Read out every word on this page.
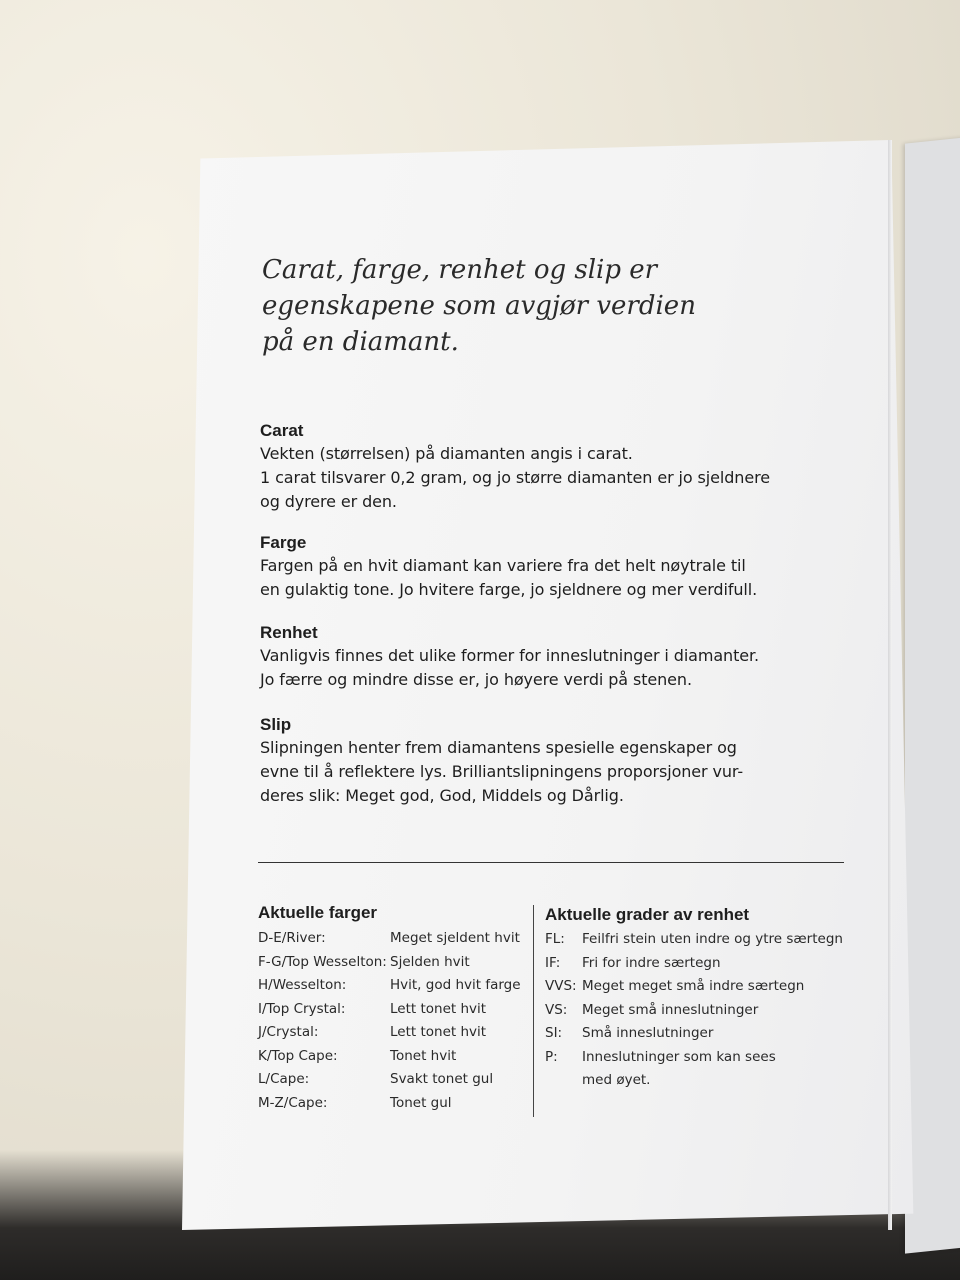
Carat, farge, renhet og slip er egenskapene som avgjør verdien på en diamant.
Carat

Vekten (størrelsen) på diamanten angis i carat.

1 carat tilsvarer 0,2 gram, og jo større diamanten er jo sjeldnere

og dyrere er den.

Farge

Fargen på en hvit diamant kan variere fra det helt nøytrale til

en gulaktig tone. Jo hvitere farge, jo sjeldnere og mer verdifull.

Renhet

Vanligvis finnes det ulike former for inneslutninger i diamanter.

Jo færre og mindre disse er, jo høyere verdi på stenen.

Slip

Slipningen henter frem diamantens spesielle egenskaper og

evne til å reflektere lys. Brilliantslipningens proporsjoner vur-

deres slik: Meget god, God, Middels og Dårlig.

Aktuelle farger
D-E/River:	Meget sjeldent hvit
F-G/Top Wesselton: Sjelden hvit
H/Wesselton:	Hvit, god hvit farge
I/Top Crystal:	Lett tonet hvit
J/Crystal:	Lett tonet hvit
K/Top Cape:	Tonet hvit
L/Cape:	Svakt tonet gul
M-Z/Cape:	Tonet gul
Aktuelle grader av renhet
FL: Feilfri stein uten indre og ytre særtegn
IF: Fri for indre særtegn
VVS: Meget meget små indre særtegn
VS: Meget små inneslutninger
SI: Små inneslutninger
P: Inneslutninger som kan sees
med øyet.
